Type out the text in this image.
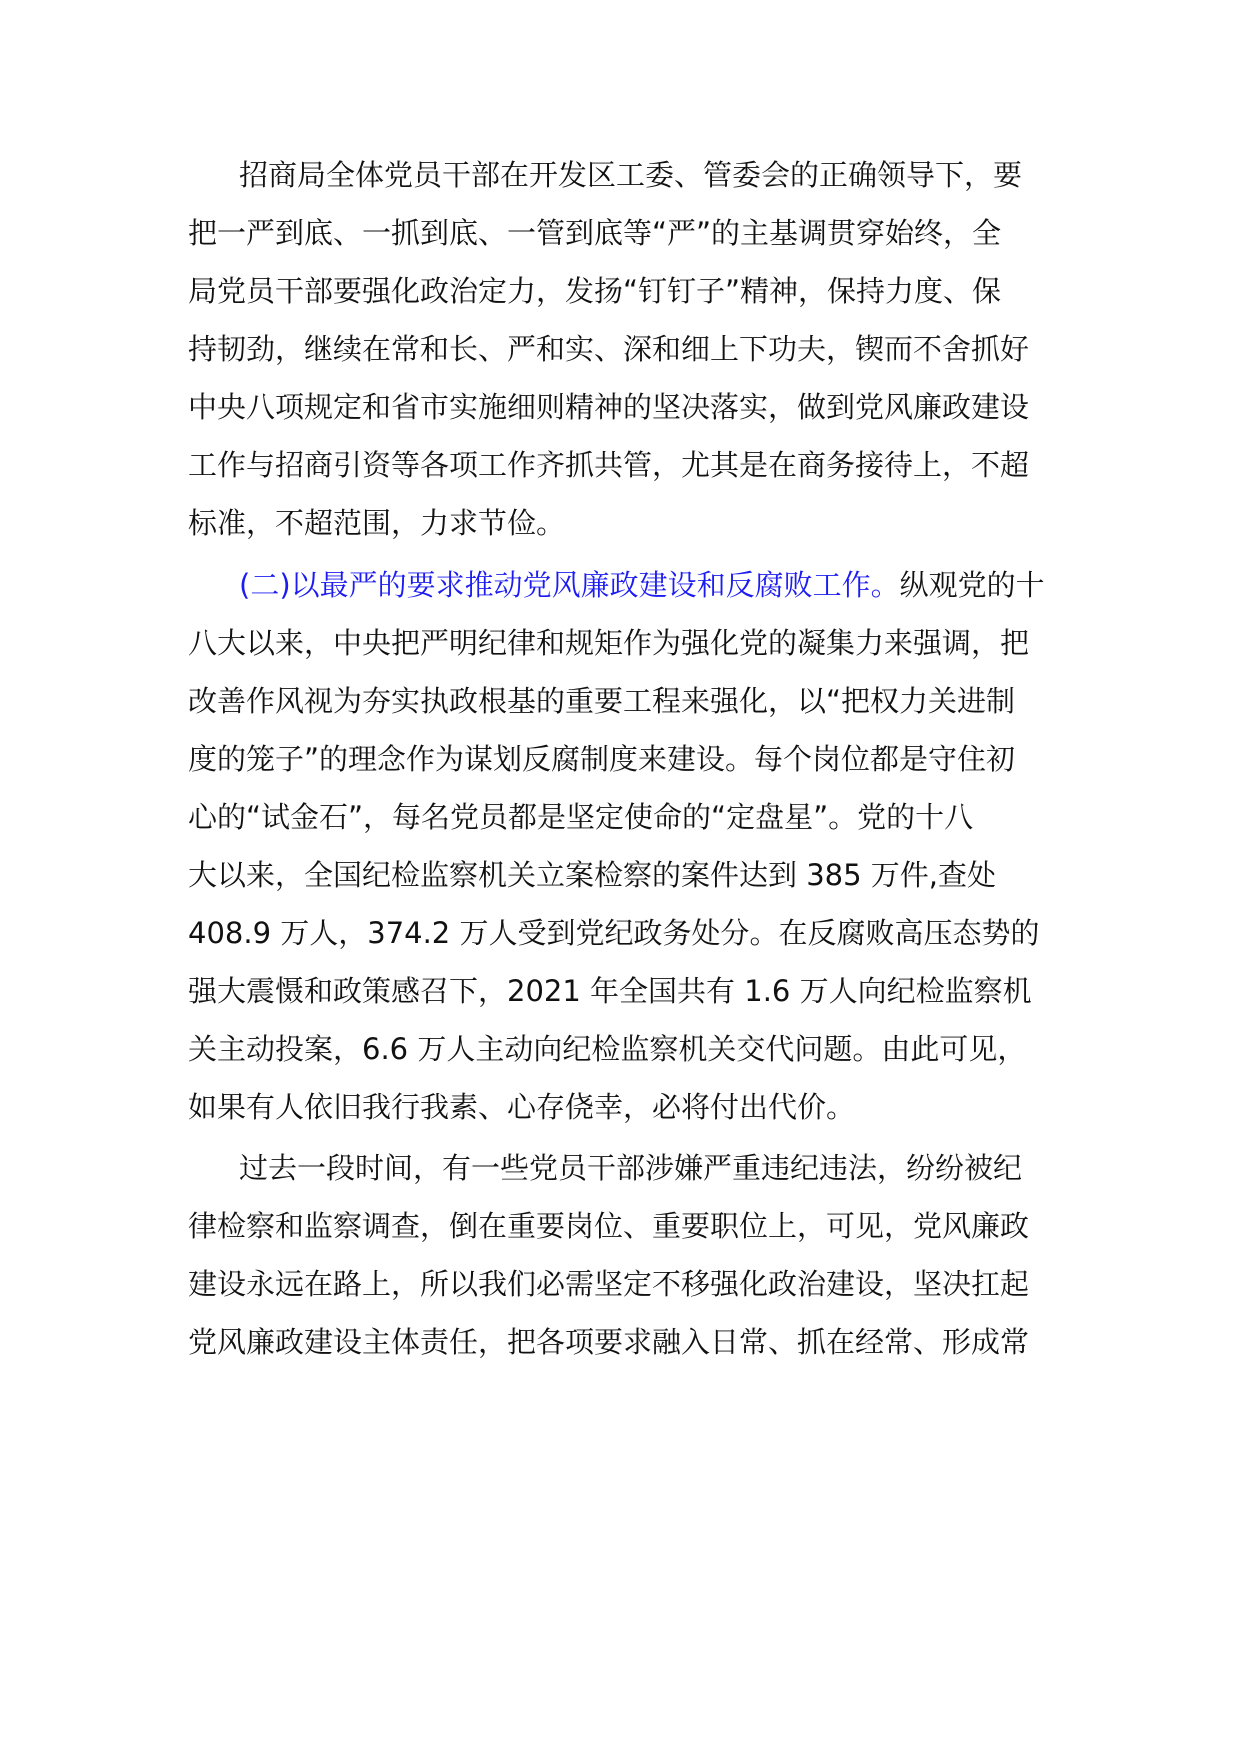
招商局全体党员干部在开发区工委、管委会的正确领导下，要
把一严到底、一抓到底、一管到底等“严”的主基调贯穿始终，全
局党员干部要强化政治定力，发扬“钉钉子”精神，保持力度、保
持韧劲，继续在常和长、严和实、深和细上下功夫，锲而不舍抓好
中央八项规定和省市实施细则精神的坚决落实，做到党风廉政建设
工作与招商引资等各项工作齐抓共管，尤其是在商务接待上，不超
标准，不超范围，力求节俭。
(二)以最严的要求推动党风廉政建设和反腐败工作。纵观党的十
八大以来，中央把严明纪律和规矩作为强化党的凝集力来强调，把
改善作风视为夯实执政根基的重要工程来强化，以“把权力关进制
度的笼子”的理念作为谋划反腐制度来建设。每个岗位都是守住初
心的“试金石”，每名党员都是坚定使命的“定盘星”。党的十八
大以来，全国纪检监察机关立案检察的案件达到 385 万件,查处
408.9 万人，374.2 万人受到党纪政务处分。在反腐败高压态势的
强大震慑和政策感召下，2021 年全国共有 1.6 万人向纪检监察机
关主动投案，6.6 万人主动向纪检监察机关交代问题。由此可见，
如果有人依旧我行我素、心存侥幸，必将付出代价。
过去一段时间，有一些党员干部涉嫌严重违纪违法，纷纷被纪
律检察和监察调查，倒在重要岗位、重要职位上，可见，党风廉政
建设永远在路上，所以我们必需坚定不移强化政治建设，坚决扛起
党风廉政建设主体责任，把各项要求融入日常、抓在经常、形成常
